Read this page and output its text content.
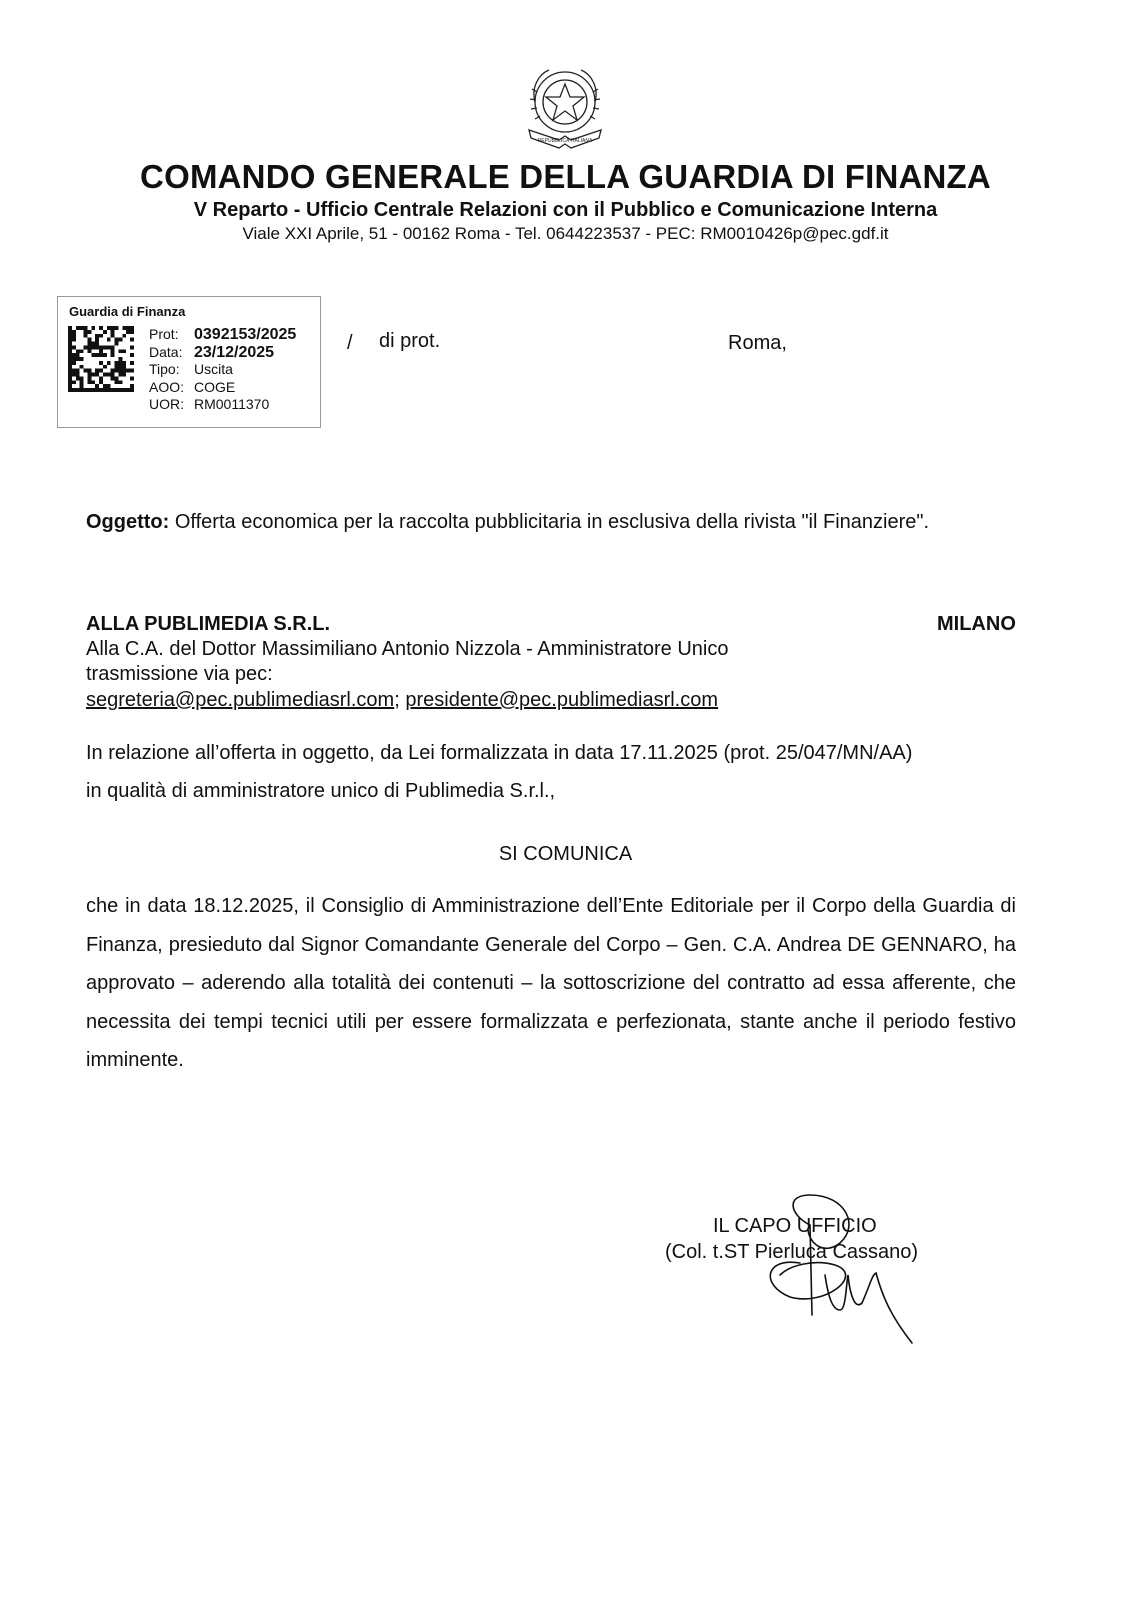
REPUBBLICA ITALIANA
COMANDO GENERALE DELLA GUARDIA DI FINANZA
V Reparto - Ufficio Centrale Relazioni con il Pubblico e Comunicazione Interna
Viale XXI Aprile, 51 - 00162 Roma - Tel. 0644223537 - PEC: RM0010426p@pec.gdf.it
Guardia di Finanza
Prot: 0392153/2025
Data: 23/12/2025
Tipo:	Uscita
AOO: COGE
UOR: RM0011370
/ di prot.	Roma,
Oggetto: Offerta economica per la raccolta pubblicitaria in esclusiva della rivista "il Finanziere".
ALLA PUBLIMEDIA S.R.L.	MILANO
Alla C.A. del Dottor Massimiliano Antonio Nizzola - Amministratore Unico
trasmissione via pec:
segreteria@pec.publimediasrl.com; presidente@pec.publimediasrl.com
In relazione all’offerta in oggetto, da Lei formalizzata in data 17.11.2025 (prot. 25/047/MN/AA)
in qualità di amministratore unico di Publimedia S.r.l.,
SI COMUNICA
che in data 18.12.2025, il Consiglio di Amministrazione dell’Ente Editoriale per il Corpo della Guardia di Finanza, presieduto dal Signor Comandante Generale del Corpo – Gen. C.A. Andrea DE GENNARO, ha approvato – aderendo alla totalità dei contenuti – la sottoscrizione del contratto ad essa afferente, che necessita dei tempi tecnici utili per essere formalizzata e perfezionata, stante anche il periodo festivo imminente.
IL CAPO UFFICIO
(Col. t.ST Pierluca Cassano)
